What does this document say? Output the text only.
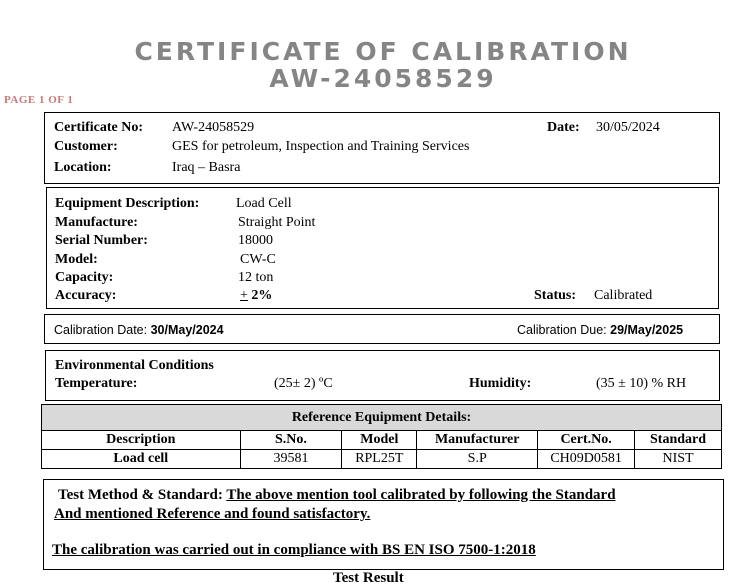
CERTIFICATE OF CALIBRATION
AW-24058529
PAGE 1 OF 1
Certificate No: AW-24058529	Date: 30/05/2024
Customer:	GES for petroleum, Inspection and Training Services
Location:	Iraq – Basra
Equipment Description:	Load Cell
Manufacture:	Straight Point
Serial Number:	18000
Model:	CW-C
Capacity:	12 ton
Accuracy:	+ 2%	Status: Calibrated
Calibration Date: 30/May/2024	Calibration Due: 29/May/2025
Environmental Conditions
Temperature:	(25± 2) ºC	Humidity:	(35 ± 10) % RH
Reference Equipment Details:
Description	S.No.	Model	Manufacturer	Cert.No.	Standard
Load cell	39581	RPL25T	S.P	CH09D0581	NIST
Test Method & Standard: The above mention tool calibrated by following the Standard
And mentioned Reference and found satisfactory.
The calibration was carried out in compliance with BS EN ISO 7500-1:2018
Test Result
